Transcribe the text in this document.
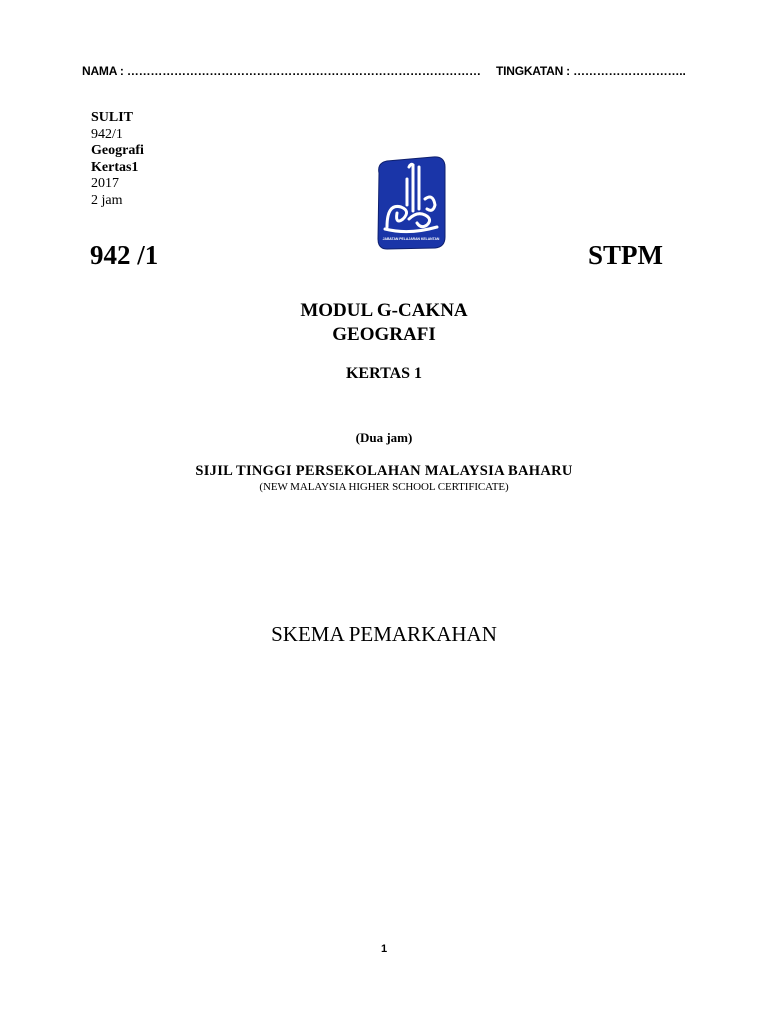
NAMA : ……………………………………………………………………………… TINGKATAN : ………………………..
SULIT
942/1
Geografi
Kertas1
2017
2 jam
JABATAN PELAJARAN KELANTAN
942 /1	STPM
MODUL G-CAKNA
GEOGRAFI
KERTAS 1
(Dua jam)
SIJIL TINGGI PERSEKOLAHAN MALAYSIA BAHARU
(NEW MALAYSIA HIGHER SCHOOL CERTIFICATE)
SKEMA PEMARKAHAN
1
